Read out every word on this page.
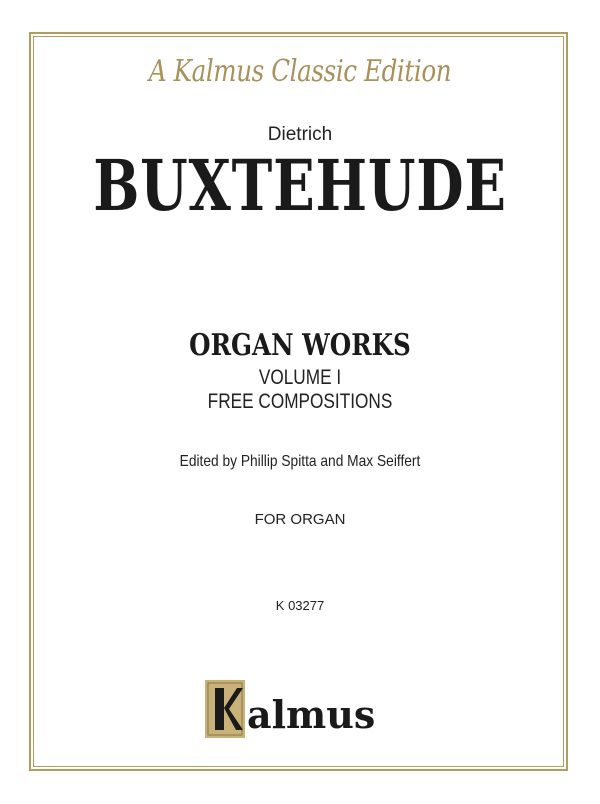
A Kalmus Classic Edition
Dietrich
BUXTEHUDE
ORGAN WORKS
VOLUME I
FREE COMPOSITIONS
Edited by Phillip Spitta and Max Seiffert
FOR ORGAN
K 03277
almus
